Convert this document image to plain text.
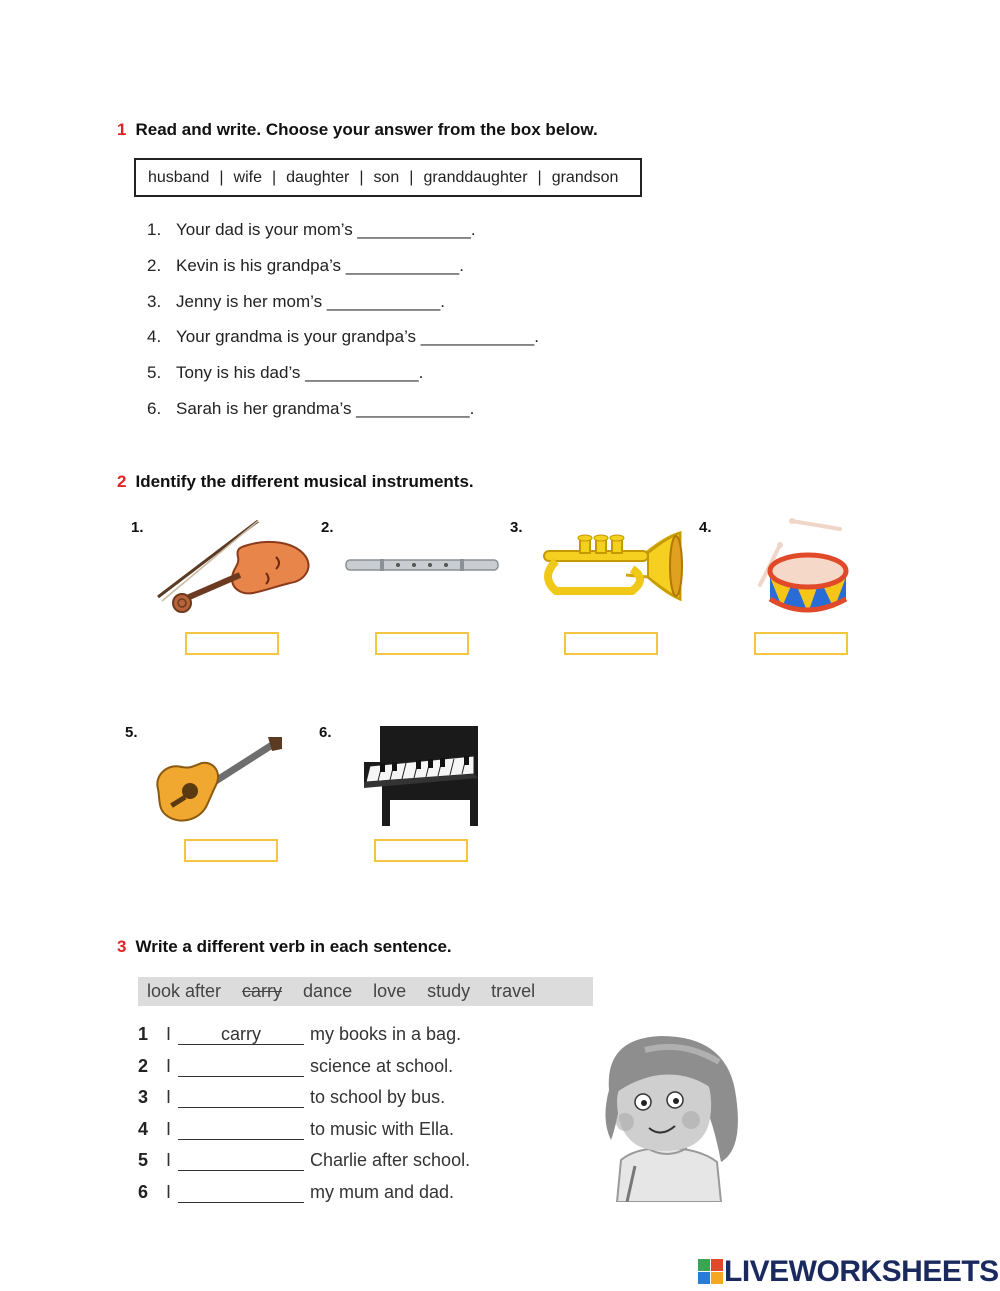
1 Read and write. Choose your answer from the box below.
husband | wife | daughter | son | granddaughter | grandson
1. Your dad is your mom’s ____________.
2. Kevin is his grandpa’s ____________.
3. Jenny is her mom’s ____________.
4. Your grandma is your grandpa’s ____________.
5. Tony is his dad’s ____________.
6. Sarah is her grandma’s ____________.
2 Identify the different musical instruments.
1.	2.	3.	4.
5.	6.
3 Write a different verb in each sentence.
look after carry dance love study travel
1 I	carry	my books in a bag.
2 I	science at school.
3 I	to school by bus.
4 I	to music with Ella.
5 I	Charlie after school.
6 I	my mum and dad.
LIVEWORKSHEETS
